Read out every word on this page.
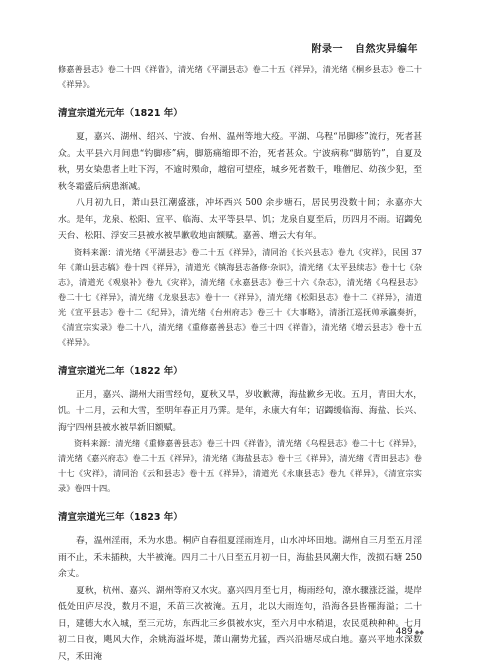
附录一 自然灾异编年

修嘉善县志》卷二十四《祥眚》，清光绪《平湖县志》卷二十五《祥异》，清光绪《桐乡县志》卷二十《祥异》。

清宣宗道光元年（1821 年）

夏，嘉兴、湖州、绍兴、宁波、台州、温州等地大疫。平湖、乌程“吊脚疹”流行，死者甚众。太平县六月间患“钓脚疹”病，脚筋痛缩即不治，死者甚众。宁波病称“脚筋钓”，自夏及秋，男女染患者上吐下泻，不逾时殒命，越宿可望痊，城乡死者数千，唯僧尼、幼孩少犯，至秋冬霜盛后病患渐减。

八月初九日，萧山县江潮盛涨，冲坏西兴 500 余步塘石，居民男没数十间；永嘉亦大水。是年，龙泉、松阳、宣平、临海、太平等县旱、饥；龙泉自夏至后，历四月不雨。诏蠲免天台、松阳、浮安三县被水被旱歉收地亩额赋。嘉善、增云大有年。

资料来源：清光绪《平湖县志》卷二十五《祥异》，清同治《长兴县志》卷九《灾祥》，民国 37 年《萧山县志稿》卷十四《祥异》，清道光《镇海县志备修·杂识》，清光绪《太平县续志》卷十七《杂志》，清道光《观泉补》卷九《灾祥》，清光绪《永嘉县志》卷三十六《杂志》，清光绪《乌程县志》卷二十七《祥异》，清光绪《龙泉县志》卷十一《祥异》，清光绪《松阳县志》卷十二《祥异》，清道光《宣平县志》卷十二《纪异》，清光绪《台州府志》卷三十《大事略》，清浙江巡抚帅承瀛奏折，《清宣宗实录》卷二十八，清光绪《重修嘉善县志》卷三十四《祥眚》，清光绪《增云县志》卷十五《祥异》。

清宣宗道光二年（1822 年）

正月，嘉兴、湖州大雨雪经旬，夏秋又旱，岁收歉薄，海盐歉乡无收。五月，青田大水，饥。十二月，云和大雪，至明年春正月乃霁。是年，永康大有年；诏蠲缓临海、海盐、长兴、海宁四州县被水被旱新旧额赋。

资料来源：清光绪《重修嘉善县志》卷三十四《祥眚》，清光绪《乌程县志》卷二十七《祥异》，清光绪《嘉兴府志》卷二十五《祥异》，清光绪《海盐县志》卷十三《祥异》，清光绪《青田县志》卷十七《灾祥》，清同治《云和县志》卷十五《祥异》，清道光《永康县志》卷九《祥异》，《清宣宗实录》卷四十四。

清宣宗道光三年（1823 年）

春，温州淫雨，禾为水患。桐庐自春徂夏淫雨连月，山水冲坏田地。湖州自三月至五月淫雨不止，禾未插秧，大半被淹。四月二十八日至五月初一日，海盐县风潮大作，泼损石塘 250 余丈。

夏秋，杭州、嘉兴、湖州等府又水灾。嘉兴四月至七月，梅雨经旬，潦水骤涨泛溢，堤岸低处田庐尽没，数月不退，禾苗三次被淹。五月，北以大雨连句，沿海各县皆罹海溢；二十日，建德大水入城，至三元坊，东西北三乡俱被水灾，至六月中水稍退，农民觅秧种种。七月初二日夜，飓风大作，余姚海溢坏堤，萧山潮势尤猛，西兴沿塘尽成白地。嘉兴平地水深数尺，禾田淹

489 ◆◆
